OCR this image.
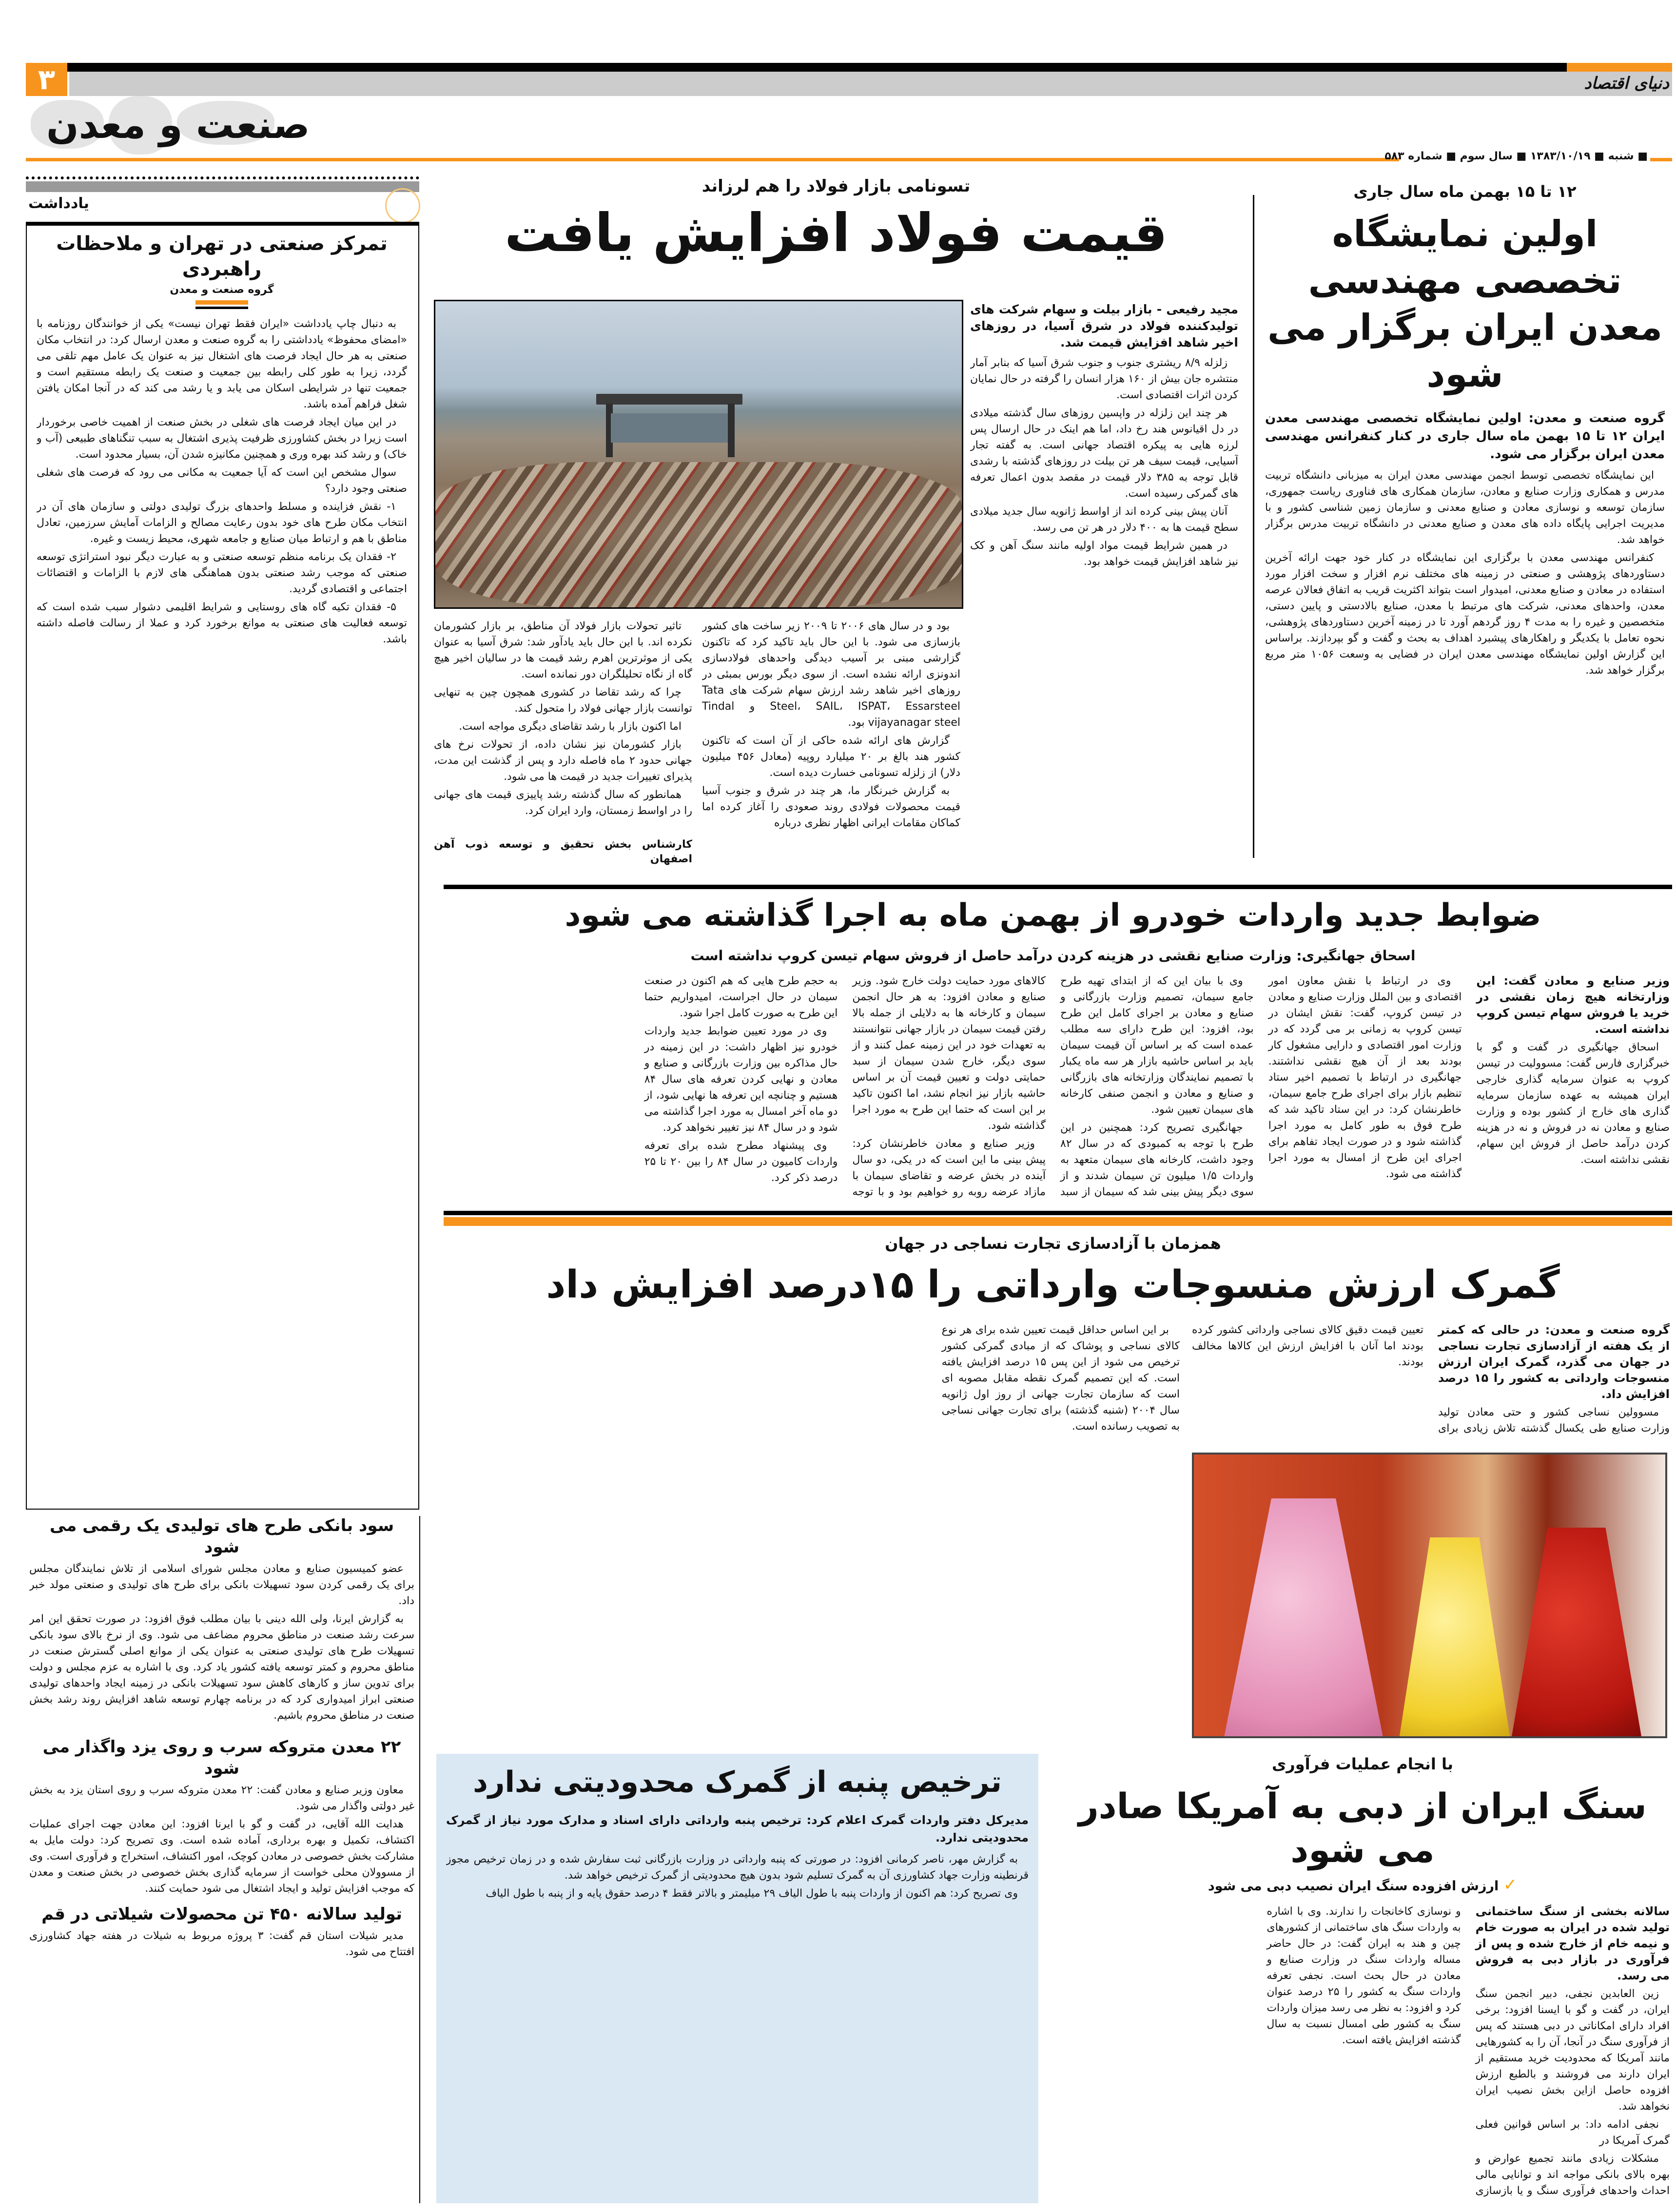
۳	دنیای اقتصاد
صنعت و معدن
■ شنبه ■ ۱۳۸۳/۱۰/۱۹ ■ سال سوم ■ شماره ۵۸۳
یادداشت
تمرکز صنعتی در تهران و ملاحظات راهبردی
گروه صنعت و معدن

به دنبال چاپ یادداشت «ایران فقط تهران نیست» یکی از خوانندگان روزنامه با «امضای محفوظ» یادداشتی را به گروه صنعت و معدن ارسال کرد: در انتخاب مکان صنعتی به هر حال ایجاد فرصت های اشتغال نیز به عنوان یک عامل مهم تلقی می گردد، زیرا به طور کلی رابطه بین جمعیت و صنعت یک رابطه مستقیم است و جمعیت تنها در شرایطی اسکان می یابد و یا رشد می کند که در آنجا امکان یافتن شغل فراهم آمده باشد.

در این میان ایجاد فرصت های شغلی در بخش صنعت از اهمیت خاصی برخوردار است زیرا در بخش کشاورزی ظرفیت پذیری اشتغال به سبب تنگناهای طبیعی (آب و خاک) و رشد کند بهره وری و همچنین مکانیزه شدن آن، بسیار محدود است.

سوال مشخص این است که آیا جمعیت به مکانی می رود که فرصت های شغلی صنعتی وجود دارد؟

۱- نقش فزاینده و مسلط واحدهای بزرگ تولیدی دولتی و سازمان های آن در انتخاب مکان طرح های خود بدون رعایت مصالح و الزامات آمایش سرزمین، تعادل مناطق با هم و ارتباط میان صنایع و جامعه شهری، محیط زیست و غیره.

۲- فقدان یک برنامه منظم توسعه صنعتی و به عبارت دیگر نبود استراتژی توسعه صنعتی که موجب رشد صنعتی بدون هماهنگی های لازم با الزامات و اقتضائات اجتماعی و اقتصادی گردید.

۵- فقدان تکیه گاه های روستایی و شرایط اقلیمی دشوار سبب شده است که توسعه فعالیت های صنعتی به موانع برخورد کرد و عملا از رسالت فاصله داشته باشد.

سود بانکی طرح های تولیدی یک رقمی می شود

عضو کمیسیون صنایع و معادن مجلس شورای اسلامی از تلاش نمایندگان مجلس برای یک رقمی کردن سود تسهیلات بانکی برای طرح های تولیدی و صنعتی مولد خبر داد.

به گزارش ایرنا، ولی الله دینی با بیان مطلب فوق افزود: در صورت تحقق این امر سرعت رشد صنعت در مناطق محروم مضاعف می شود. وی از نرخ بالای سود بانکی تسهیلات طرح های تولیدی صنعتی به عنوان یکی از موانع اصلی گسترش صنعت در مناطق محروم و کمتر توسعه یافته کشور یاد کرد. وی با اشاره به عزم مجلس و دولت برای تدوین ساز و کارهای کاهش سود تسهیلات بانکی در زمینه ایجاد واحدهای تولیدی صنعتی ابراز امیدواری کرد که در برنامه چهارم توسعه شاهد افزایش روند رشد بخش صنعت در مناطق محروم باشیم.

۲۲ معدن متروکه سرب و روی یزد واگذار می شود

معاون وزیر صنایع و معادن گفت: ۲۲ معدن متروکه سرب و روی استان یزد به بخش غیر دولتی واگذار می شود.

هدایت الله آقایی، در گفت و گو با ایرنا افزود: این معادن جهت اجرای عملیات اکتشاف، تکمیل و بهره برداری، آماده شده است. وی تصریح کرد: دولت مایل به مشارکت بخش خصوصی در معادن کوچک، امور اکتشاف، استخراج و فرآوری است. وی از مسوولان محلی خواست از سرمایه گذاری بخش خصوصی در بخش صنعت و معدن که موجب افزایش تولید و ایجاد اشتغال می شود حمایت کنند.

تولید سالانه ۴۵۰ تن محصولات شیلاتی در قم

مدیر شیلات استان قم گفت: ۳ پروژه مربوط به شیلات در هفته جهاد کشاورزی افتتاح می شود.

۱۲ تا ۱۵ بهمن ماه سال جاری
اولین نمایشگاه تخصصی مهندسی معدن ایران برگزار می شود
گروه صنعت و معدن: اولین نمایشگاه تخصصی مهندسی معدن ایران ۱۲ تا ۱۵ بهمن ماه سال جاری در کنار کنفرانس مهندسی معدن ایران برگزار می شود.

این نمایشگاه تخصصی توسط انجمن مهندسی معدن ایران به میزبانی دانشگاه تربیت مدرس و همکاری وزارت صنایع و معادن، سازمان همکاری های فناوری ریاست جمهوری، سازمان توسعه و نوسازی معادن و صنایع معدنی و سازمان زمین شناسی کشور و با مدیریت اجرایی پایگاه داده های معدن و صنایع معدنی در دانشگاه تربیت مدرس برگزار خواهد شد.

کنفرانس مهندسی معدن با برگزاری این نمایشگاه در کنار خود جهت ارائه آخرین دستاوردهای پژوهشی و صنعتی در زمینه های مختلف نرم افزار و سخت افزار مورد استفاده در معادن و صنایع معدنی، امیدوار است بتواند اکثریت قریب به اتفاق فعالان عرصه معدن، واحدهای معدنی، شرکت های مرتبط با معدن، صنایع بالادستی و پایین دستی، متخصصین و غیره را به مدت ۴ روز گردهم آورد تا در زمینه آخرین دستاوردهای پژوهشی، نحوه تعامل با یکدیگر و راهکارهای پیشبرد اهداف به بحث و گفت و گو بپردازند. براساس این گزارش اولین نمایشگاه مهندسی معدن ایران در فضایی به وسعت ۱۰۵۶ متر مربع برگزار خواهد شد.

تسونامی بازار فولاد را هم لرزاند
قیمت فولاد افزایش یافت
مجید رفیعی - بازار بیلت و سهام شرکت های تولیدکننده فولاد در شرق آسیا، در روزهای اخیر شاهد افزایش قیمت شد.

زلزله ۸/۹ ریشتری جنوب و جنوب شرق آسیا که بنابر آمار منتشره جان بیش از ۱۶۰ هزار انسان را گرفته در حال نمایان کردن اثرات اقتصادی است.

هر چند این زلزله در واپسین روزهای سال گذشته میلادی در دل اقیانوس هند رخ داد، اما هم اینک در حال ارسال پس لرزه هایی به پیکره اقتصاد جهانی است. به گفته تجار آسیایی، قیمت سیف هر تن بیلت در روزهای گذشته با رشدی قابل توجه به ۳۸۵ دلار قیمت در مقصد بدون اعمال تعرفه های گمرکی رسیده است.

آنان پیش بینی کرده اند از اواسط ژانویه سال جدید میلادی سطح قیمت ها به ۴۰۰ دلار در هر تن می رسد.

در همین شرایط قیمت مواد اولیه مانند سنگ آهن و کک نیز شاهد افزایش قیمت خواهد بود.

بود و در سال های ۲۰۰۶ تا ۲۰۰۹ زیر ساخت های کشور بازسازی می شود. با این حال باید تاکید کرد که تاکنون گزارشی مبنی بر آسیب دیدگی واحدهای فولادسازی اندونزی ارائه نشده است. از سوی دیگر بورس بمبئی در روزهای اخیر شاهد رشد ارزش سهام شرکت های Tata Steel، SAIL، ISPAT، Essarsteel و Tindal vijayanagar steel بود.

گزارش های ارائه شده حاکی از آن است که تاکنون کشور هند بالغ بر ۲۰ میلیارد روپیه (معادل ۴۵۶ میلیون دلار) از زلزله تسونامی خسارت دیده است.

به گزارش خبرنگار ما، هر چند در شرق و جنوب آسیا قیمت محصولات فولادی روند صعودی را آغاز کرده اما کماکان مقامات ایرانی اظهار نظری درباره

تاثیر تحولات بازار فولاد آن مناطق، بر بازار کشورمان نکرده اند. با این حال باید یادآور شد: شرق آسیا به عنوان یکی از موثرترین اهرم رشد قیمت ها در سالیان اخیر هیچ گاه از نگاه تحلیلگران دور نمانده است.

چرا که رشد تقاضا در کشوری همچون چین به تنهایی توانست بازار جهانی فولاد را متحول کند.

اما اکنون بازار با رشد تقاضای دیگری مواجه است.

بازار کشورمان نیز نشان داده، از تحولات نرخ های جهانی حدود ۲ ماه فاصله دارد و پس از گذشت این مدت، پذیرای تغییرات جدید در قیمت ها می شود.

همانطور که سال گذشته رشد پاییزی قیمت های جهانی را در اواسط زمستان، وارد ایران کرد.

کارشناس بخش تحقیق و توسعه ذوب آهن اصفهان
ضوابط جدید واردات خودرو از بهمن ماه به اجرا گذاشته می شود
اسحاق جهانگیری: وزارت صنایع نقشی در هزینه کردن درآمد حاصل از فروش سهام تیسن کروپ نداشته است

وزیر صنایع و معادن گفت: این وزارتخانه هیچ زمان نقشی در خرید یا فروش سهام تیسن کروپ نداشته است.

اسحاق جهانگیری در گفت و گو با خبرگزاری فارس گفت: مسوولیت در تیسن کروپ به عنوان سرمایه گذاری خارجی ایران همیشه به عهده سازمان سرمایه گذاری های خارج از کشور بوده و وزارت صنایع و معادن نه در فروش و نه در هزینه کردن درآمد حاصل از فروش این سهام، نقشی نداشته است.

وی در ارتباط با نقش معاون امور اقتصادی و بین الملل وزارت صنایع و معادن در تیسن کروپ، گفت: نقش ایشان در تیسن کروپ به زمانی بر می گردد که در وزارت امور اقتصادی و دارایی مشغول کار بودند بعد از آن هیچ نقشی نداشتند. جهانگیری در ارتباط با تصمیم اخیر ستاد تنظیم بازار برای اجرای طرح جامع سیمان، خاطرنشان کرد: در این ستاد تاکید شد که طرح فوق به طور کامل به مورد اجرا گذاشته شود و در صورت ایجاد تفاهم برای اجرای این طرح از امسال به مورد اجرا گذاشته می شود.

وی با بیان این که از ابتدای تهیه طرح جامع سیمان، تصمیم وزارت بازرگانی و صنایع و معادن بر اجرای کامل این طرح بود، افزود: این طرح دارای سه مطلب عمده است که بر اساس آن قیمت سیمان باید بر اساس حاشیه بازار هر سه ماه یکبار با تصمیم نمایندگان وزارتخانه های بازرگانی و صنایع و معادن و انجمن صنفی کارخانه های سیمان تعیین شود.

جهانگیری تصریح کرد: همچنین در این طرح با توجه به کمبودی که در سال ۸۲ وجود داشت، کارخانه های سیمان متعهد به واردات ۱/۵ میلیون تن سیمان شدند و از سوی دیگر پیش بینی شد که سیمان از سبد کالاهای مورد حمایت دولت خارج شود. وزیر صنایع و معادن افزود: به هر حال انجمن سیمان و کارخانه ها به دلایلی از جمله بالا رفتن قیمت سیمان در بازار جهانی نتوانستند به تعهدات خود در این زمینه عمل کنند و از سوی دیگر، خارج شدن سیمان از سبد حمایتی دولت و تعیین قیمت آن بر اساس حاشیه بازار نیز انجام نشد، اما اکنون تاکید بر این است که حتما این طرح به مورد اجرا گذاشته شود.

وزیر صنایع و معادن خاطرنشان کرد: پیش بینی ما این است که در یکی، دو سال آینده در بخش عرضه و تقاضای سیمان با مازاد عرضه روبه رو خواهیم بود و با توجه به حجم طرح هایی که هم اکنون در صنعت سیمان در حال اجراست، امیدواریم حتما این طرح به صورت کامل اجرا شود.

وی در مورد تعیین ضوابط جدید واردات خودرو نیز اظهار داشت: در این زمینه در حال مذاکره بین وزارت بازرگانی و صنایع و معادن و نهایی کردن تعرفه های سال ۸۴ هستیم و چنانچه این تعرفه ها نهایی شود، از دو ماه آخر امسال به مورد اجرا گذاشته می شود و در سال ۸۴ نیز تغییر نخواهد کرد.

وی پیشنهاد مطرح شده برای تعرفه واردات کامیون در سال ۸۴ را بین ۲۰ تا ۲۵ درصد ذکر کرد.

همزمان با آزادسازی تجارت نساجی در جهان
گمرک ارزش منسوجات وارداتی را ۱۵درصد افزایش داد

گروه صنعت و معدن: در حالی که کمتر از یک هفته از آزادسازی تجارت نساجی در جهان می گذرد، گمرک ایران ارزش منسوجات وارداتی به کشور را ۱۵ درصد افزایش داد.

مسوولین نساجی کشور و حتی معادن تولید وزارت صنایع طی یکسال گذشته تلاش زیادی برای تعیین قیمت دقیق کالای نساجی وارداتی کشور کرده بودند اما آنان با افزایش ارزش این کالاها مخالف بودند.

بر این اساس حداقل قیمت تعیین شده برای هر نوع کالای نساجی و پوشاک که از مبادی گمرکی کشور ترخیص می شود از این پس ۱۵ درصد افزایش یافته است. که این تصمیم گمرک نقطه مقابل مصوبه ای است که سازمان تجارت جهانی از روز اول ژانویه سال ۲۰۰۴ (شنبه گذشته) برای تجارت جهانی نساجی به تصویب رسانده است.

ترخیص پنبه از گمرک محدودیتی ندارد
مدیرکل دفتر واردات گمرک اعلام کرد: ترخیص پنبه وارداتی دارای اسناد و مدارک مورد نیاز از گمرک محدودیتی ندارد.

به گزارش مهر، ناصر کرمانی افزود: در صورتی که پنبه وارداتی در وزارت بازرگانی ثبت سفارش شده و در زمان ترخیص مجوز قرنطینه وزارت جهاد کشاورزی آن به گمرک تسلیم شود بدون هیچ محدودیتی از گمرک ترخیص خواهد شد.

وی تصریح کرد: هم اکنون از واردات پنبه با طول الیاف ۲۹ میلیمتر و بالاتر فقط ۴ درصد حقوق پایه و از پنبه با طول الیاف

با انجام عملیات فرآوری
سنگ ایران از دبی به آمریکا صادر می شود
✓ ارزش افزوده سنگ ایران نصیب دبی می شود

سالانه بخشی از سنگ ساختمانی تولید شده در ایران به صورت خام و نیمه خام از خارج شده و پس از فرآوری در بازار دبی به فروش می رسد.

زین العابدین نجفی، دبیر انجمن سنگ ایران، در گفت و گو با ایسنا افزود: برخی افراد دارای امکاناتی در دبی هستند که پس از فرآوری سنگ در آنجا، آن را به کشورهایی مانند آمریکا که محدودیت خرید مستقیم از ایران دارند می فروشند و بالطبع ارزش افزوده حاصل ازاین بخش نصیب ایران نخواهد شد.

نجفی ادامه داد: بر اساس قوانین فعلی گمرک آمریکا در

مشکلات زیادی مانند تجمیع عوارض و بهره بالای بانکی مواجه اند و توانایی مالی احداث واحدهای فرآوری سنگ و یا بازسازی و نوسازی کاخانجات را ندارند. وی با اشاره به واردات سنگ های ساختمانی از کشورهای چین و هند به ایران گفت: در حال حاضر مساله واردات سنگ در وزارت صنایع و معادن در حال بحث است. نجفی تعرفه واردات سنگ به کشور را ۲۵ درصد عنوان کرد و افزود: به نظر می رسد میزان واردات سنگ به کشور طی امسال نسبت به سال گذشته افزایش یافته است.
